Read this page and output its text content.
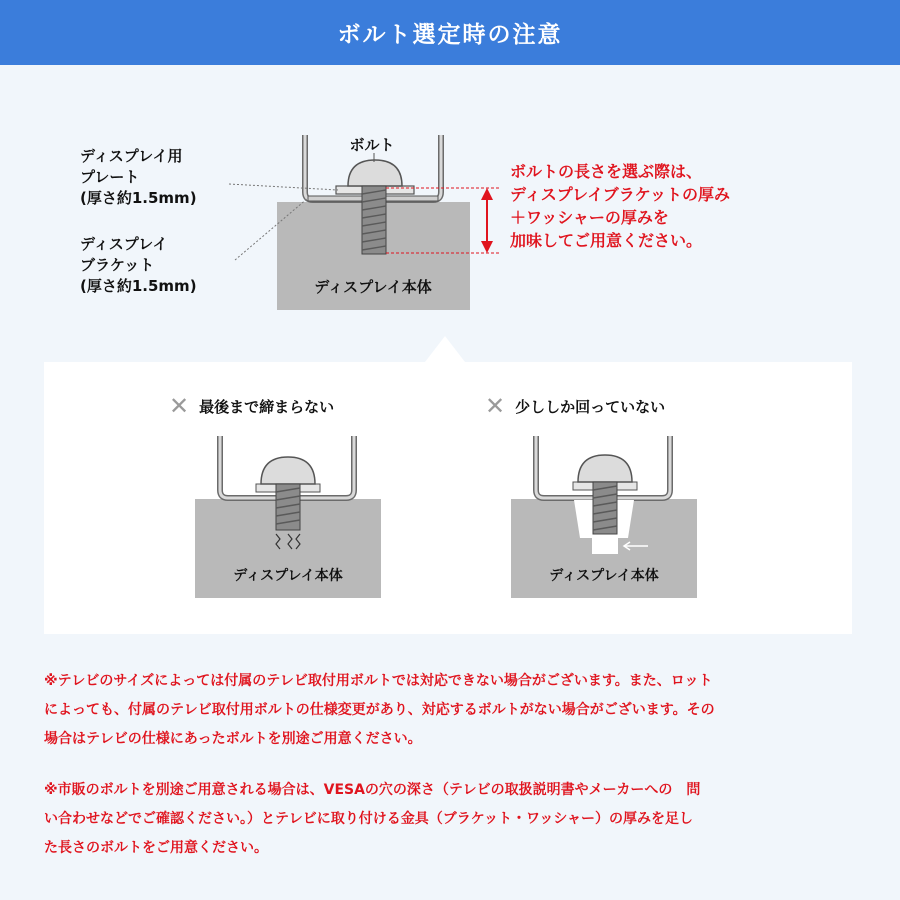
ボルト選定時の注意
ディスプレイ用
プレート
(厚さ約1.5mm)
ディスプレイ
ブラケット
(厚さ約1.5mm)
ボルトの長さを選ぶ際は、
ディスプレイブラケットの厚み
＋ワッシャーの厚みを
加味してご用意ください。
ボルト
ディスプレイ本体
✕ 最後まで締まらない	✕ 少ししか回っていない
ディスプレイ本体	ディスプレイ本体
※テレビのサイズによっては付属のテレビ取付用ボルトでは対応できない場合がございます。また、ロット
によっても、付属のテレビ取付用ボルトの仕様変更があり、対応するボルトがない場合がございます。その
場合はテレビの仕様にあったボルトを別途ご用意ください。
※市販のボルトを別途ご用意される場合は、VESAの穴の深さ（テレビの取扱説明書やメーカーへの　問
い合わせなどでご確認ください。）とテレビに取り付ける金具（ブラケット・ワッシャー）の厚みを足し
た長さのボルトをご用意ください。
